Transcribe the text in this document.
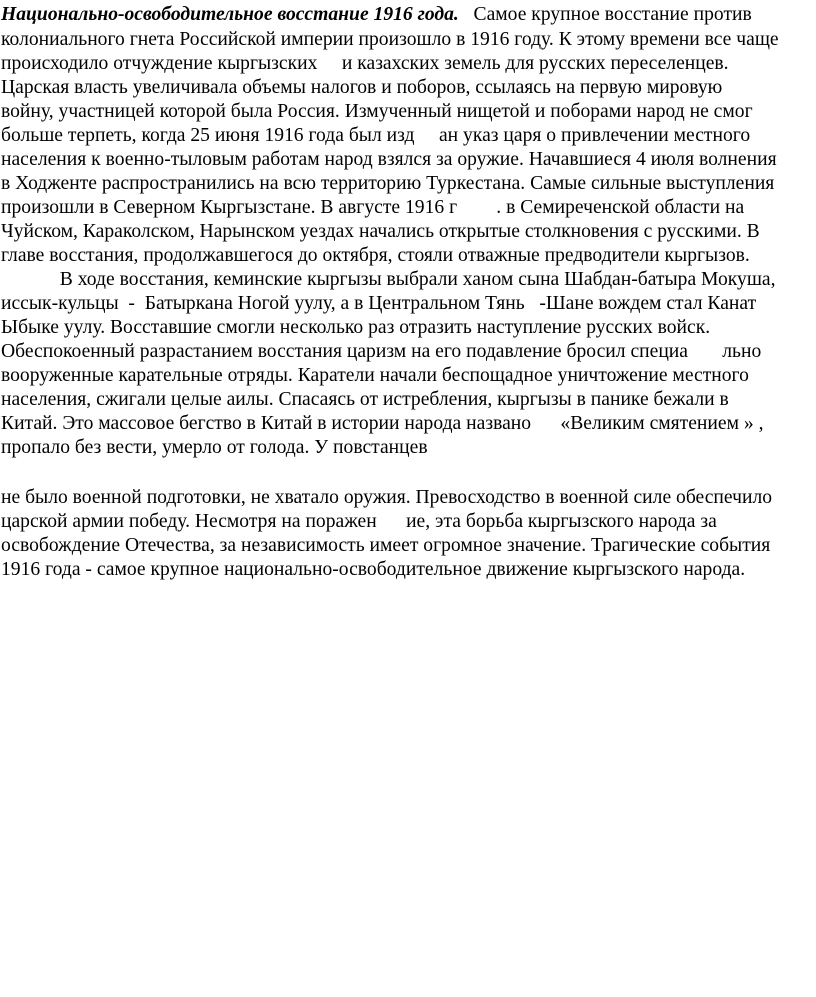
Национально-освободительное восстание 1916 года.   Самое крупное восстание против
колониального гнета Российской империи произошло в 1916 году. К этому времени все чаще
происходило отчуждение кыргызских     и казахских земель для русских переселенцев.
Царская власть увеличивала объемы налогов и поборов, ссылаясь на первую мировую
войну, участницей которой была Россия. Измученный нищетой и поборами народ не смог
больше терпеть, когда 25 июня 1916 года был изд     ан указ царя о привлечении местного
населения к военно-тыловым работам народ взялся за оружие. Начавшиеся 4 июля волнения
в Ходженте распространились на всю территорию Туркестана. Самые сильные выступления
произошли в Северном Кыргызстане. В августе 1916 г        . в Семиреченской области на
Чуйском, Караколском, Нарынском уездах начались открытые столкновения с русскими. В
главе восстания, продолжавшегося до октября, стояли отважные предводители кыргызов.
В ходе восстания, кеминские кыргызы выбрали ханом сына Шабдан-батыра Мокуша,
иссык-кульцы  -  Батыркана Ногой уулу, а в Центральном Тянь   -Шане вождем стал Канат
Ыбыке уулу. Восставшие смогли несколько раз отразить наступление русских войск.
Обеспокоенный разрастанием восстания царизм на его подавление бросил специа       льно
вооруженные карательные отряды. Каратели начали беспощадное уничтожение местного
населения, сжигали целые аилы. Спасаясь от истребления, кыргызы в панике бежали в
Китай. Это массовое бегство в Китай в истории народа названо      «Великим смятением » ,
пропало без вести, умерло от голода. У повстанцев
не было военной подготовки, не хватало оружия. Превосходство в военной силе обеспечило
царской армии победу. Несмотря на поражен      ие, эта борьба кыргызского народа за
освобождение Отечества, за независимость имеет огромное значение. Трагические события
1916 года - самое крупное национально-освободительное движение кыргызского народа.
